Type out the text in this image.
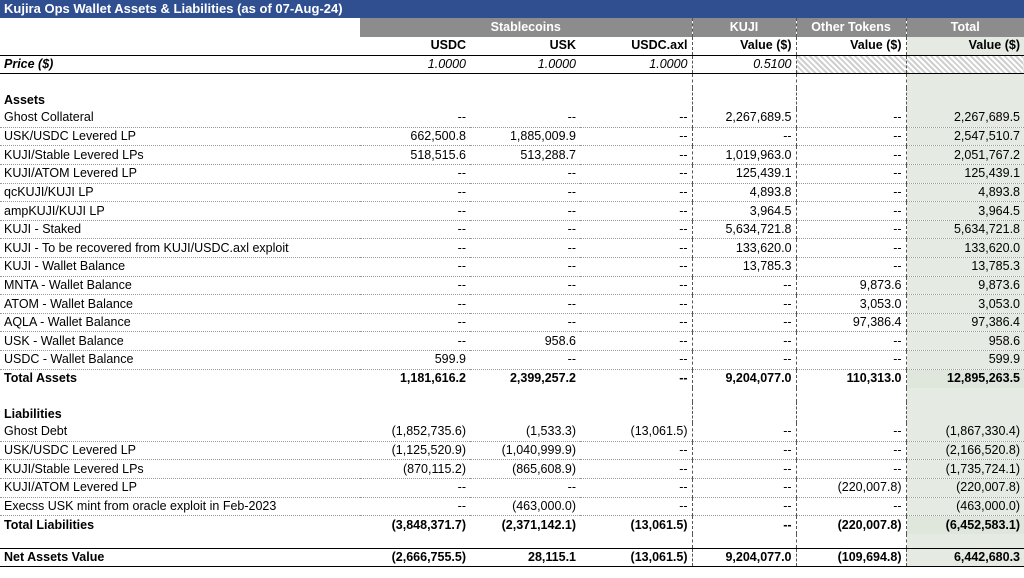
Kujira Ops Wallet Assets & Liabilities (as of 07-Aug-24)
	Stablecoins			KUJI	Other Tokens	Total
	USDC	USK	USDC.axl	Value ($)	Value ($)	Value ($)
Price ($)	1.0000	1.0000	1.0000	0.5100		

Assets						
Ghost Collateral	--	--	--	2,267,689.5	--	2,267,689.5
USK/USDC Levered LP	662,500.8	1,885,009.9	--	--	--	2,547,510.7
KUJI/Stable Levered LPs	518,515.6	513,288.7	--	1,019,963.0	--	2,051,767.2
KUJI/ATOM Levered LP	--	--	--	125,439.1	--	125,439.1
qcKUJI/KUJI LP	--	--	--	4,893.8	--	4,893.8
ampKUJI/KUJI LP	--	--	--	3,964.5	--	3,964.5
KUJI - Staked	--	--	--	5,634,721.8	--	5,634,721.8
KUJI - To be recovered from KUJI/USDC.axl exploit	--	--	--	133,620.0	--	133,620.0
KUJI - Wallet Balance	--	--	--	13,785.3	--	13,785.3
MNTA - Wallet Balance	--	--	--	--	9,873.6	9,873.6
ATOM - Wallet Balance	--	--	--	--	3,053.0	3,053.0
AQLA - Wallet Balance	--	--	--	--	97,386.4	97,386.4
USK - Wallet Balance	--	958.6	--	--	--	958.6
USDC - Wallet Balance	599.9	--	--	--	--	599.9
Total Assets	1,181,616.2	2,399,257.2	--	9,204,077.0	110,313.0	12,895,263.5

Liabilities						
Ghost Debt	(1,852,735.6)	(1,533.3)	(13,061.5)	--	--	(1,867,330.4)
USK/USDC Levered LP	(1,125,520.9)	(1,040,999.9)	--	--	--	(2,166,520.8)
KUJI/Stable Levered LPs	(870,115.2)	(865,608.9)	--	--	--	(1,735,724.1)
KUJI/ATOM Levered LP	--	--	--	--	(220,007.8)	(220,007.8)
Execss USK mint from oracle exploit in Feb-2023	--	(463,000.0)	--	--	--	(463,000.0)
Total Liabilities	(3,848,371.7)	(2,371,142.1)	(13,061.5)	--	(220,007.8)	(6,452,583.1)

Net Assets Value	(2,666,755.5)	28,115.1	(13,061.5)	9,204,077.0	(109,694.8)	6,442,680.3
